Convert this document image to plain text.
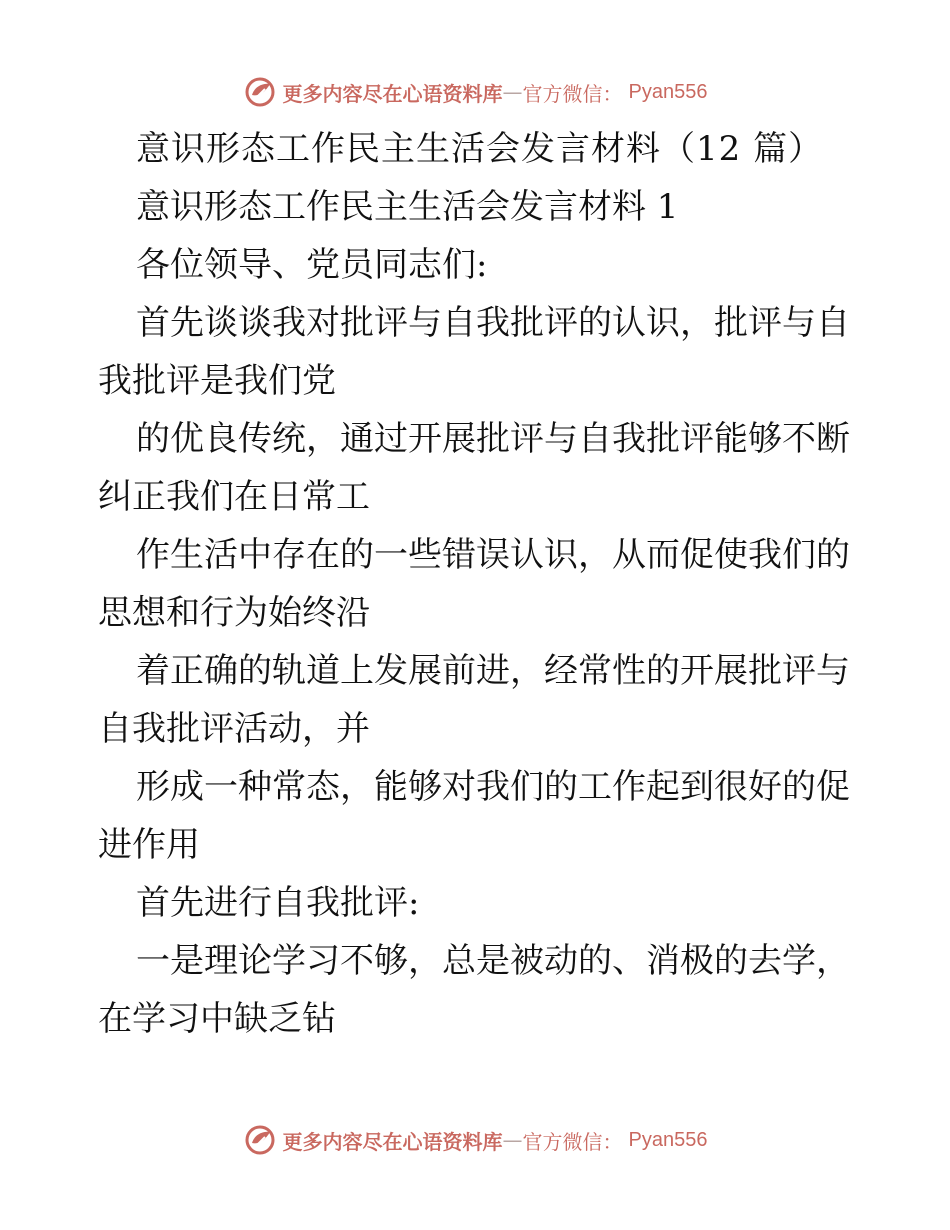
更多内容尽在心语资料库 — 官方微信： Pyan556

意识形态工作民主生活会发言材料（12 篇）

意识形态工作民主生活会发言材料 1

各位领导、党员同志们:

首先谈谈我对批评与自我批评的认识，批评与自

我批评是我们党

的优良传统，通过开展批评与自我批评能够不断

纠正我们在日常工

作生活中存在的一些错误认识，从而促使我们的

思想和行为始终沿

着正确的轨道上发展前进，经常性的开展批评与

自我批评活动，并

形成一种常态，能够对我们的工作起到很好的促

进作用

首先进行自我批评:

一是理论学习不够，总是被动的、消极的去学，

在学习中缺乏钻

更多内容尽在心语资料库 — 官方微信： Pyan556
